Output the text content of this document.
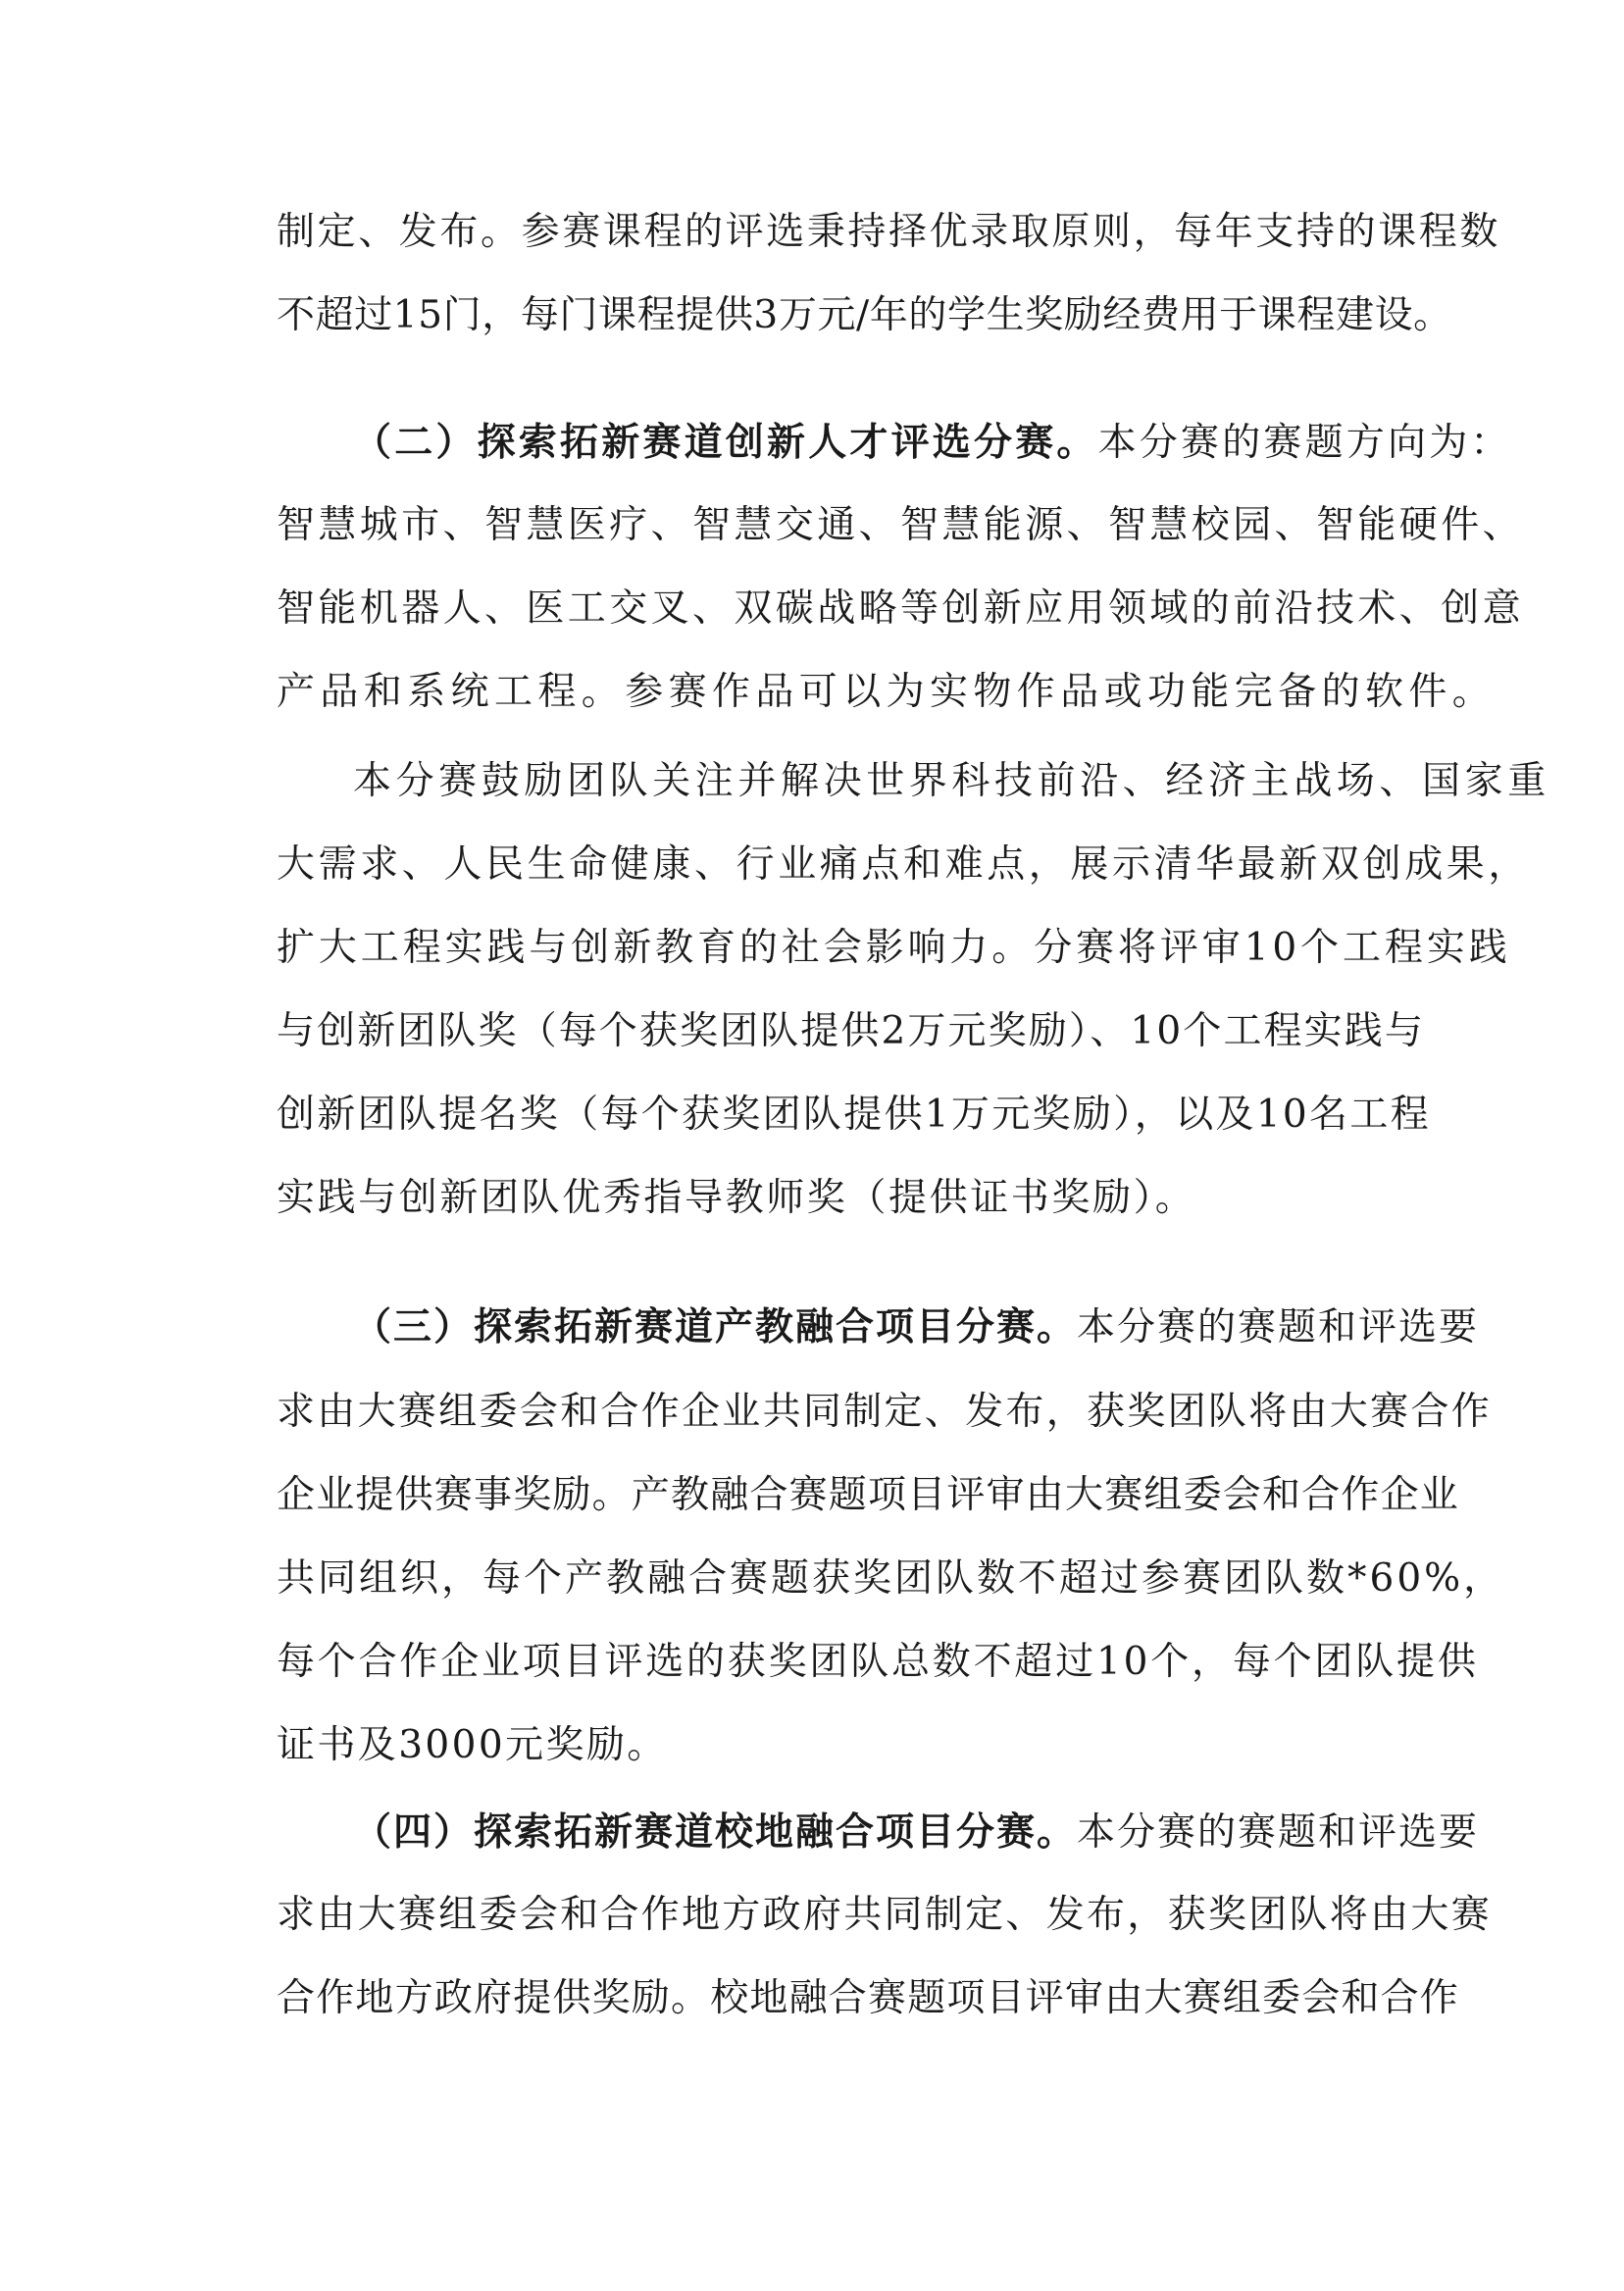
制定、发布。参赛课程的评选秉持择优录取原则，每年支持的课程数
不超过15门，每门课程提供3万元/年的学生奖励经费用于课程建设。
（二）探索拓新赛道创新人才评选分赛。本分赛的赛题方向为：
智慧城市、智慧医疗、智慧交通、智慧能源、智慧校园、智能硬件、
智能机器人、医工交叉、双碳战略等创新应用领域的前沿技术、创意
产品和系统工程。参赛作品可以为实物作品或功能完备的软件。
本分赛鼓励团队关注并解决世界科技前沿、经济主战场、国家重
大需求、人民生命健康、行业痛点和难点，展示清华最新双创成果，
扩大工程实践与创新教育的社会影响力。分赛将评审10个工程实践
与创新团队奖（每个获奖团队提供2万元奖励）、10个工程实践与
创新团队提名奖（每个获奖团队提供1万元奖励），以及10名工程
实践与创新团队优秀指导教师奖（提供证书奖励）。
（三）探索拓新赛道产教融合项目分赛。本分赛的赛题和评选要
求由大赛组委会和合作企业共同制定、发布，获奖团队将由大赛合作
企业提供赛事奖励。产教融合赛题项目评审由大赛组委会和合作企业
共同组织，每个产教融合赛题获奖团队数不超过参赛团队数*60%，
每个合作企业项目评选的获奖团队总数不超过10个，每个团队提供
证书及3000元奖励。
（四）探索拓新赛道校地融合项目分赛。本分赛的赛题和评选要
求由大赛组委会和合作地方政府共同制定、发布，获奖团队将由大赛
合作地方政府提供奖励。校地融合赛题项目评审由大赛组委会和合作
